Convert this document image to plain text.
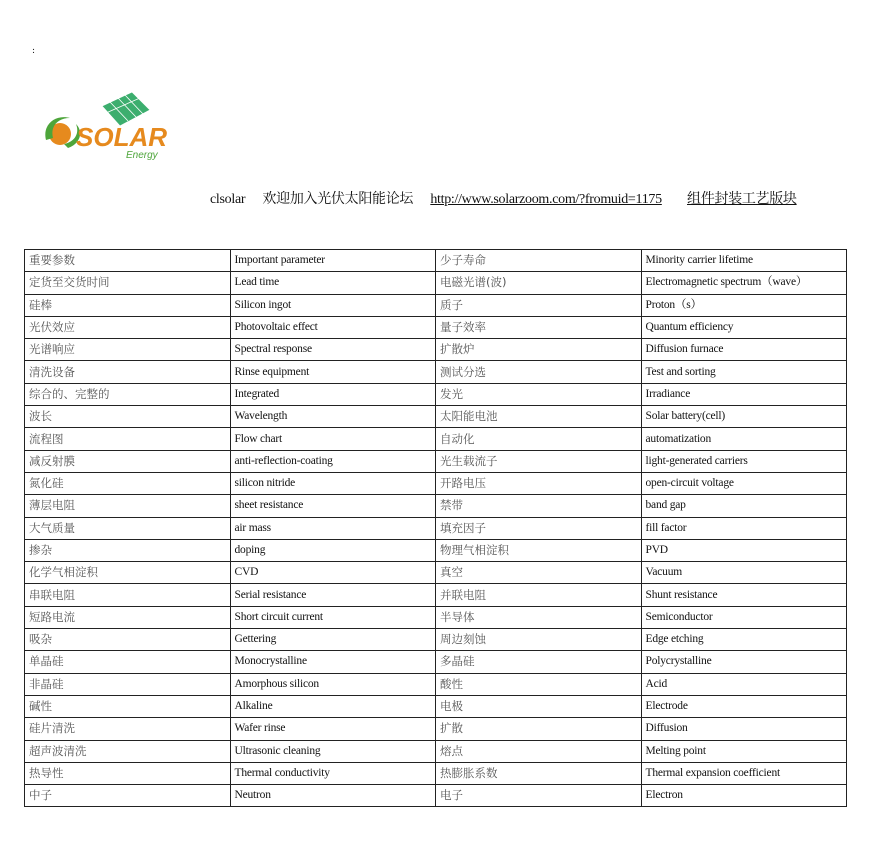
:
SOLAR
Energy
clsolar 欢迎加入光伏太阳能论坛 http://www.solarzoom.com/?fromuid=1175 组件封装工艺版块
重要参数	Important parameter	少子寿命	Minority carrier lifetime
定货至交货时间	Lead time	电磁光谱(波)	Electromagnetic spectrum（wave）
硅棒	Silicon ingot	质子	Proton（s）
光伏效应	Photovoltaic effect	量子效率	Quantum efficiency
光谱响应	Spectral response	扩散炉	Diffusion furnace
清洗设备	Rinse equipment	测试分选	Test and sorting
综合的、完整的	Integrated	发光	Irradiance
波长	Wavelength	太阳能电池	Solar battery(cell)
流程图	Flow chart	自动化	automatization
减反射膜	anti-reflection-coating	光生载流子	light-generated carriers
氮化硅	silicon nitride	开路电压	open-circuit voltage
薄层电阻	sheet resistance	禁带	band gap
大气质量	air mass	填充因子	fill factor
掺杂	doping	物理气相淀积	PVD
化学气相淀积	CVD	真空	Vacuum
串联电阻	Serial resistance	并联电阻	Shunt resistance
短路电流	Short circuit current	半导体	Semiconductor
吸杂	Gettering	周边刻蚀	Edge etching
单晶硅	Monocrystalline	多晶硅	Polycrystalline
非晶硅	Amorphous silicon	酸性	Acid
碱性	Alkaline	电极	Electrode
硅片清洗	Wafer rinse	扩散	Diffusion
超声波清洗	Ultrasonic cleaning	熔点	Melting point
热导性	Thermal conductivity	热膨胀系数	Thermal expansion coefficient
中子	Neutron	电子	Electron
